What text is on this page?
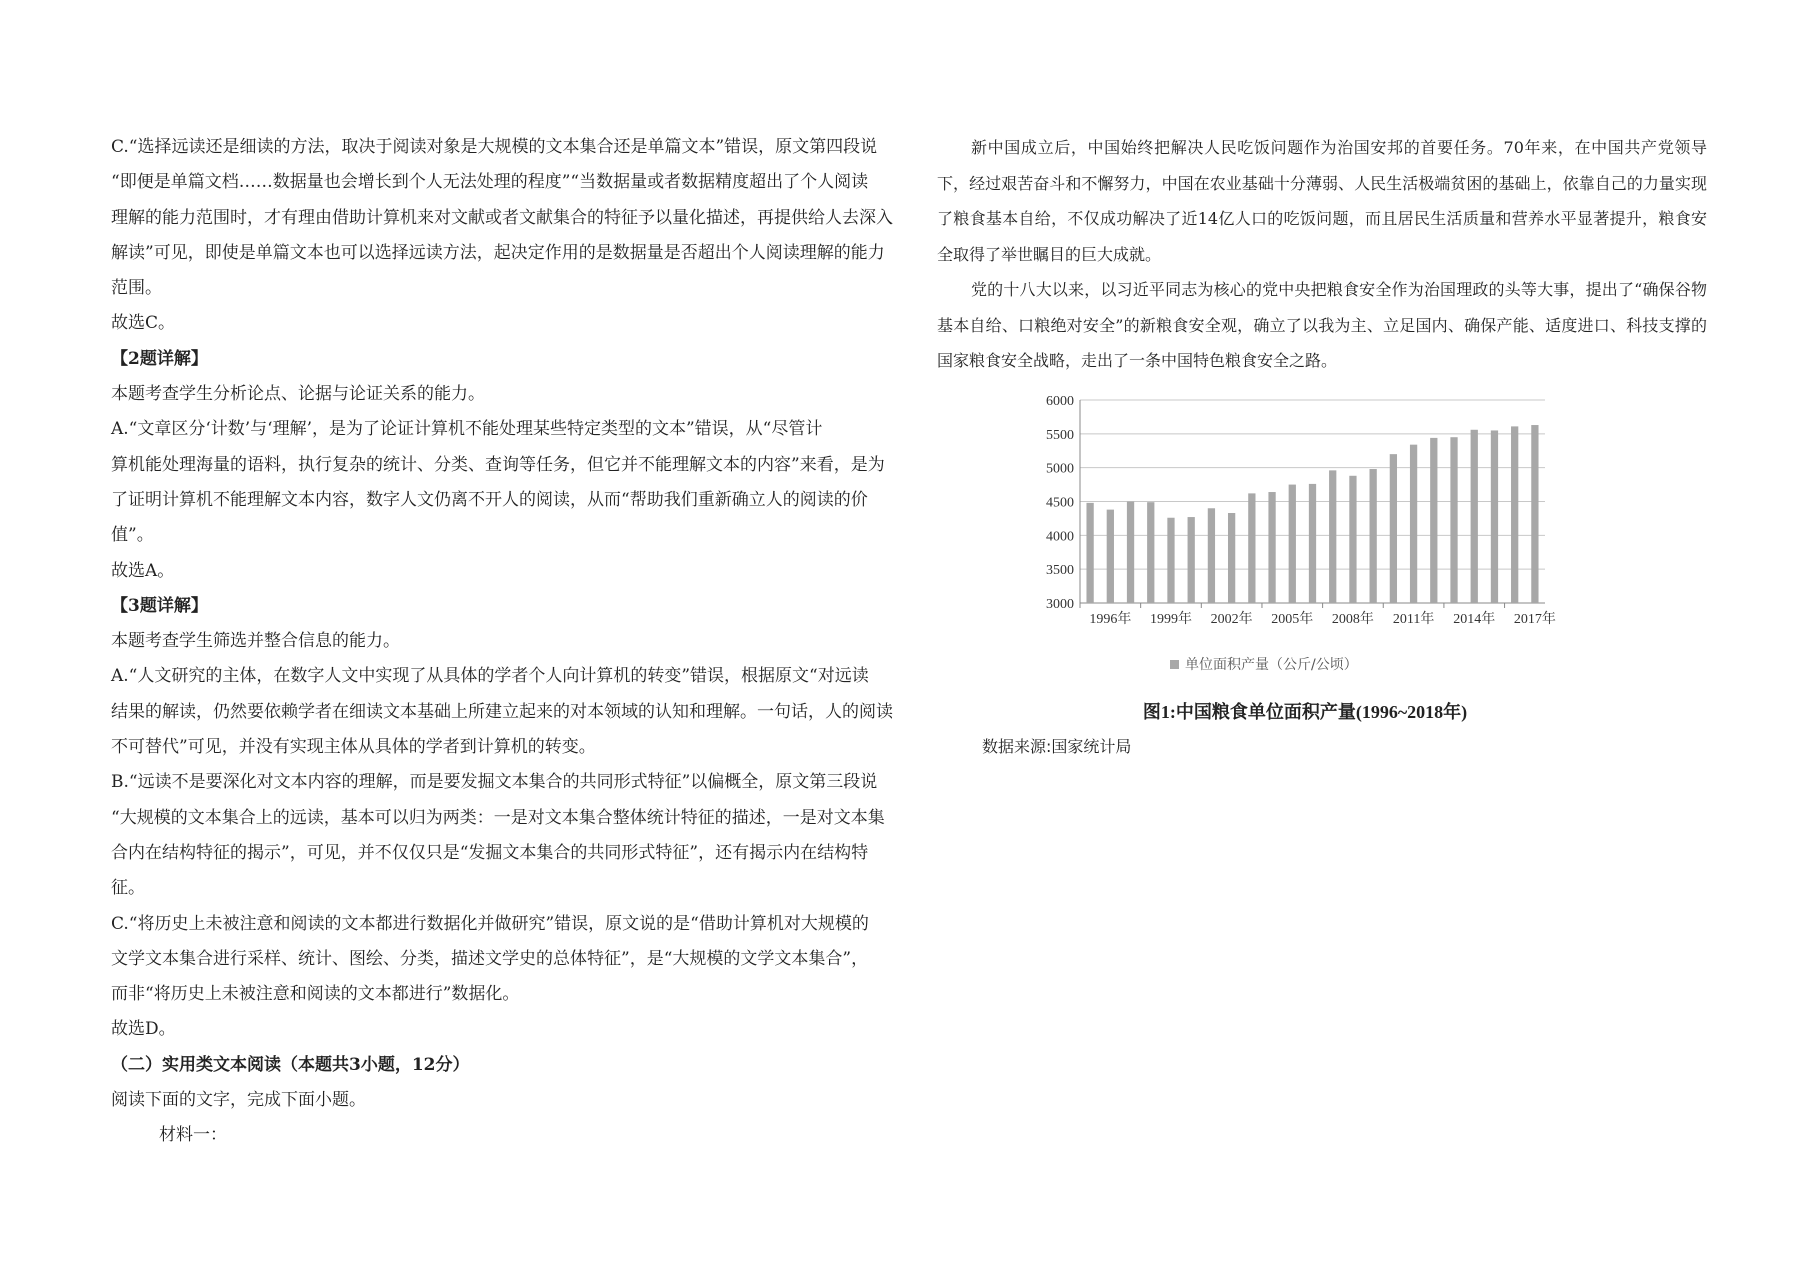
C.“选择远读还是细读的方法，取决于阅读对象是大规模的文本集合还是单篇文本”错误，原文第四段说
“即便是单篇文档……数据量也会增长到个人无法处理的程度”“当数据量或者数据精度超出了个人阅读
理解的能力范围时，才有理由借助计算机来对文献或者文献集合的特征予以量化描述，再提供给人去深入
解读”可见，即使是单篇文本也可以选择远读方法，起决定作用的是数据量是否超出个人阅读理解的能力
范围。
故选C。
【2题详解】
本题考查学生分析论点、论据与论证关系的能力。
A.“文章区分‘计数’与‘理解’，是为了论证计算机不能处理某些特定类型的文本”错误，从“尽管计
算机能处理海量的语料，执行复杂的统计、分类、查询等任务，但它并不能理解文本的内容”来看，是为
了证明计算机不能理解文本内容，数字人文仍离不开人的阅读，从而“帮助我们重新确立人的阅读的价
值”。
故选A。
【3题详解】
本题考查学生筛选并整合信息的能力。
A.“人文研究的主体，在数字人文中实现了从具体的学者个人向计算机的转变”错误，根据原文“对远读
结果的解读，仍然要依赖学者在细读文本基础上所建立起来的对本领域的认知和理解。一句话，人的阅读
不可替代”可见，并没有实现主体从具体的学者到计算机的转变。
B.“远读不是要深化对文本内容的理解，而是要发掘文本集合的共同形式特征”以偏概全，原文第三段说
“大规模的文本集合上的远读，基本可以归为两类：一是对文本集合整体统计特征的描述，一是对文本集
合内在结构特征的揭示”，可见，并不仅仅只是“发掘文本集合的共同形式特征”，还有揭示内在结构特
征。
C.“将历史上未被注意和阅读的文本都进行数据化并做研究”错误，原文说的是“借助计算机对大规模的
文学文本集合进行采样、统计、图绘、分类，描述文学史的总体特征”，是“大规模的文学文本集合”，
而非“将历史上未被注意和阅读的文本都进行”数据化。
故选D。
（二）实用类文本阅读（本题共3小题，12分）
阅读下面的文字，完成下面小题。
材料一：
新中国成立后，中国始终把解决人民吃饭问题作为治国安邦的首要任务。70年来，在中国共产党领导下，经过艰苦奋斗和不懈努力，中国在农业基础十分薄弱、人民生活极端贫困的基础上，依靠自己的力量实现了粮食基本自给，不仅成功解决了近14亿人口的吃饭问题，而且居民生活质量和营养水平显著提升，粮食安全取得了举世瞩目的巨大成就。
党的十八大以来，以习近平同志为核心的党中央把粮食安全作为治国理政的头等大事，提出了“确保谷物基本自给、口粮绝对安全”的新粮食安全观，确立了以我为主、立足国内、确保产能、适度进口、科技支撑的国家粮食安全战略，走出了一条中国特色粮食安全之路。
3000
3500
4000
4500
5000
5500
6000
1996年 1999年 2002年 2005年 2008年 2011年 2014年 2017年
单位面积产量（公斤/公顷）
图1:中国粮食单位面积产量(1996~2018年)
数据来源:国家统计局
